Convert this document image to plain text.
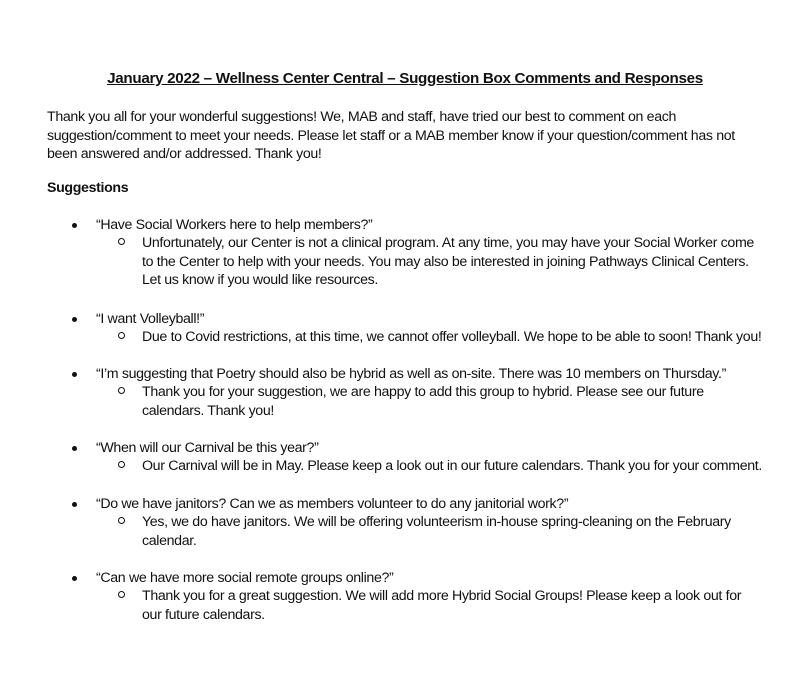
January 2022 – Wellness Center Central – Suggestion Box Comments and Responses
Thank you all for your wonderful suggestions! We, MAB and staff, have tried our best to comment on each suggestion/comment to meet your needs. Please let staff or a MAB member know if your question/comment has not been answered and/or addressed. Thank you!
Suggestions
“Have Social Workers here to help members?”
Unfortunately, our Center is not a clinical program. At any time, you may have your Social Worker come to the Center to help with your needs. You may also be interested in joining Pathways Clinical Centers. Let us know if you would like resources.
“I want Volleyball!”
Due to Covid restrictions, at this time, we cannot offer volleyball. We hope to be able to soon! Thank you!
“I’m suggesting that Poetry should also be hybrid as well as on-site. There was 10 members on Thursday.”
Thank you for your suggestion, we are happy to add this group to hybrid. Please see our future calendars. Thank you!
“When will our Carnival be this year?”
Our Carnival will be in May. Please keep a look out in our future calendars. Thank you for your comment.
“Do we have janitors? Can we as members volunteer to do any janitorial work?”
Yes, we do have janitors. We will be offering volunteerism in-house spring-cleaning on the February calendar.
“Can we have more social remote groups online?”
Thank you for a great suggestion. We will add more Hybrid Social Groups! Please keep a look out for our future calendars.
